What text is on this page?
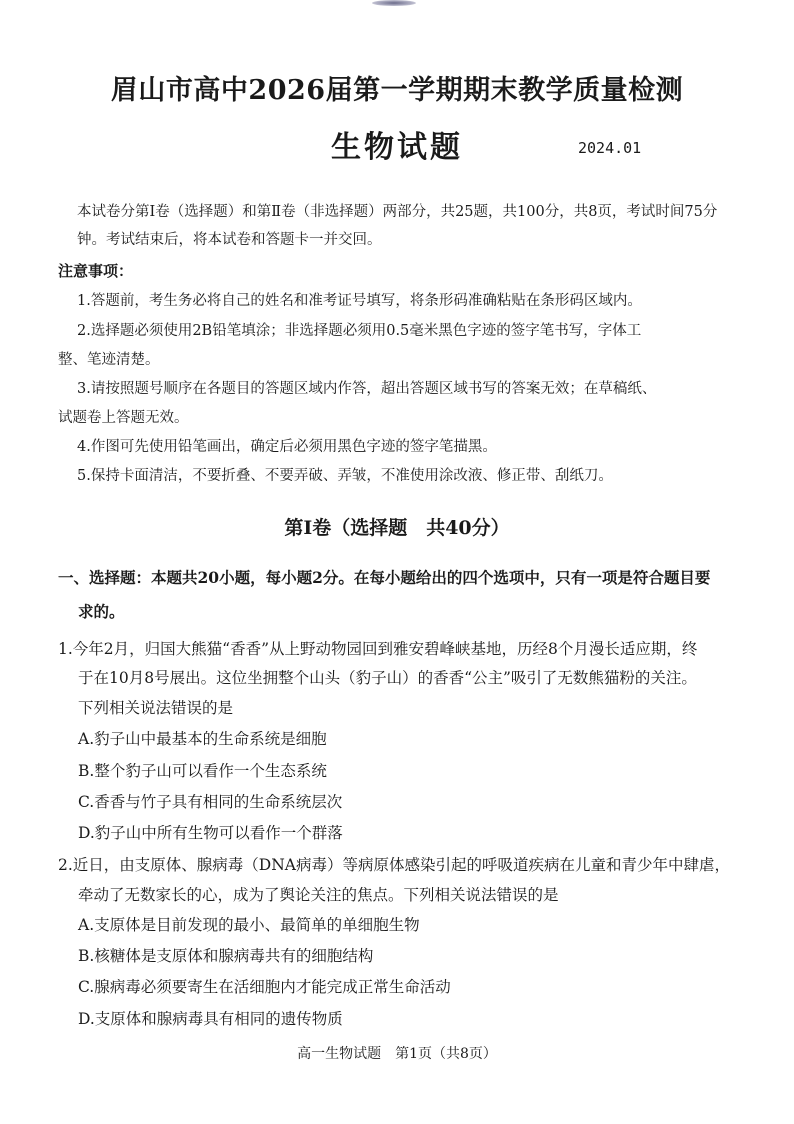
眉山市高中2026届第一学期期末教学质量检测
生物试题	2024.01
本试卷分第Ⅰ卷（选择题）和第Ⅱ卷（非选择题）两部分，共25题，共100分，共8页，考试时间75分钟。考试结束后，将本试卷和答题卡一并交回。
注意事项：
1.答题前，考生务必将自己的姓名和准考证号填写，将条形码准确粘贴在条形码区域内。
2.选择题必须使用2B铅笔填涂；非选择题必须用0.5毫米黑色字迹的签字笔书写，字体工
整、笔迹清楚。
3.请按照题号顺序在各题目的答题区域内作答，超出答题区域书写的答案无效；在草稿纸、
试题卷上答题无效。
4.作图可先使用铅笔画出，确定后必须用黑色字迹的签字笔描黑。
5.保持卡面清洁，不要折叠、不要弄破、弄皱，不准使用涂改液、修正带、刮纸刀。
第Ⅰ卷（选择题　共40分）
一、选择题：本题共20小题，每小题2分。在每小题给出的四个选项中，只有一项是符合题目要
求的。
1.今年2月，归国大熊猫“香香”从上野动物园回到雅安碧峰峡基地，历经8个月漫长适应期，终
于在10月8号展出。这位坐拥整个山头（豹子山）的香香“公主”吸引了无数熊猫粉的关注。
下列相关说法错误的是
A.豹子山中最基本的生命系统是细胞
B.整个豹子山可以看作一个生态系统
C.香香与竹子具有相同的生命系统层次
D.豹子山中所有生物可以看作一个群落
2.近日，由支原体、腺病毒（DNA病毒）等病原体感染引起的呼吸道疾病在儿童和青少年中肆虐，
牵动了无数家长的心，成为了舆论关注的焦点。下列相关说法错误的是
A.支原体是目前发现的最小、最简单的单细胞生物
B.核糖体是支原体和腺病毒共有的细胞结构
C.腺病毒必须要寄生在活细胞内才能完成正常生命活动
D.支原体和腺病毒具有相同的遗传物质
高一生物试题　第1页（共8页）
